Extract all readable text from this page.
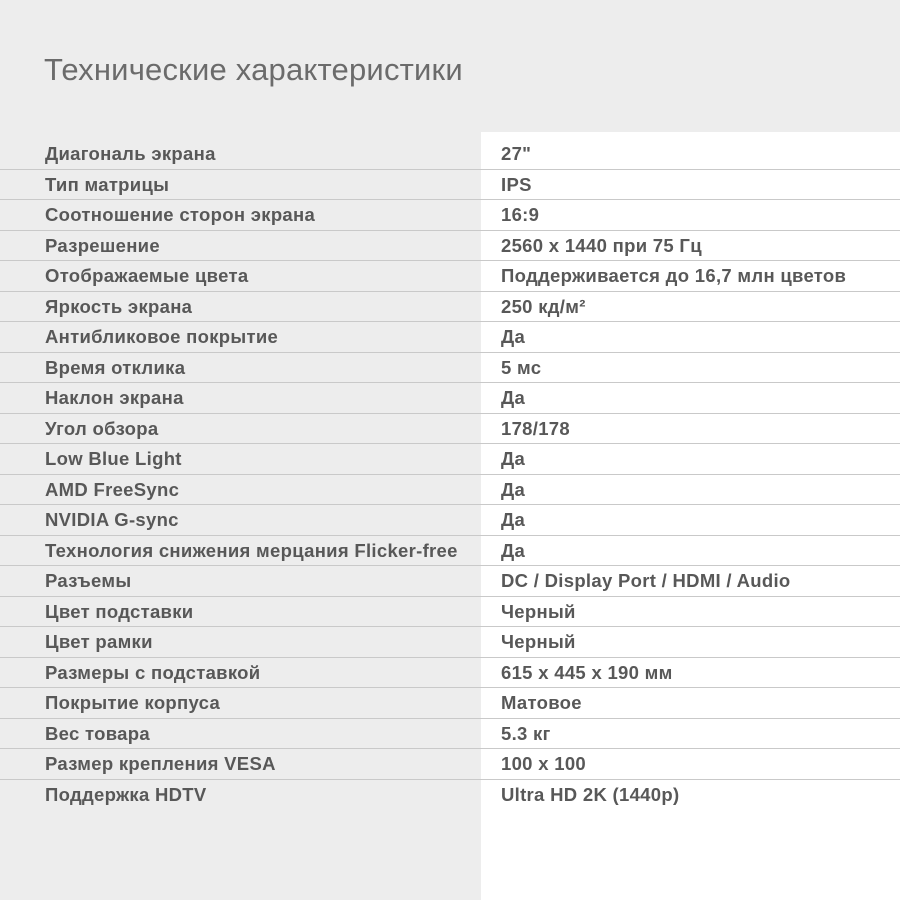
Технические характеристики
Диагональ экрана	27"
Тип матрицы	IPS
Соотношение сторон экрана	16:9
Разрешение	2560 x 1440 при 75 Гц
Отображаемые цвета	Поддерживается до 16,7 млн цветов
Яркость экрана	250 кд/м²
Антибликовое покрытие	Да
Время отклика	5 мс
Наклон экрана	Да
Угол обзора	178/178
Low Blue Light	Да
AMD FreeSync	Да
NVIDIA G-sync	Да
Технология снижения мерцания Flicker-free Да
Разъемы	DC / Display Port / HDMI / Audio
Цвет подставки	Черный
Цвет рамки	Черный
Размеры с подставкой	615 x 445 x 190 мм
Покрытие корпуса	Матовое
Вес товара	5.3 кг
Размер крепления VESA	100 x 100
Поддержка HDTV	Ultra HD 2K (1440p)
